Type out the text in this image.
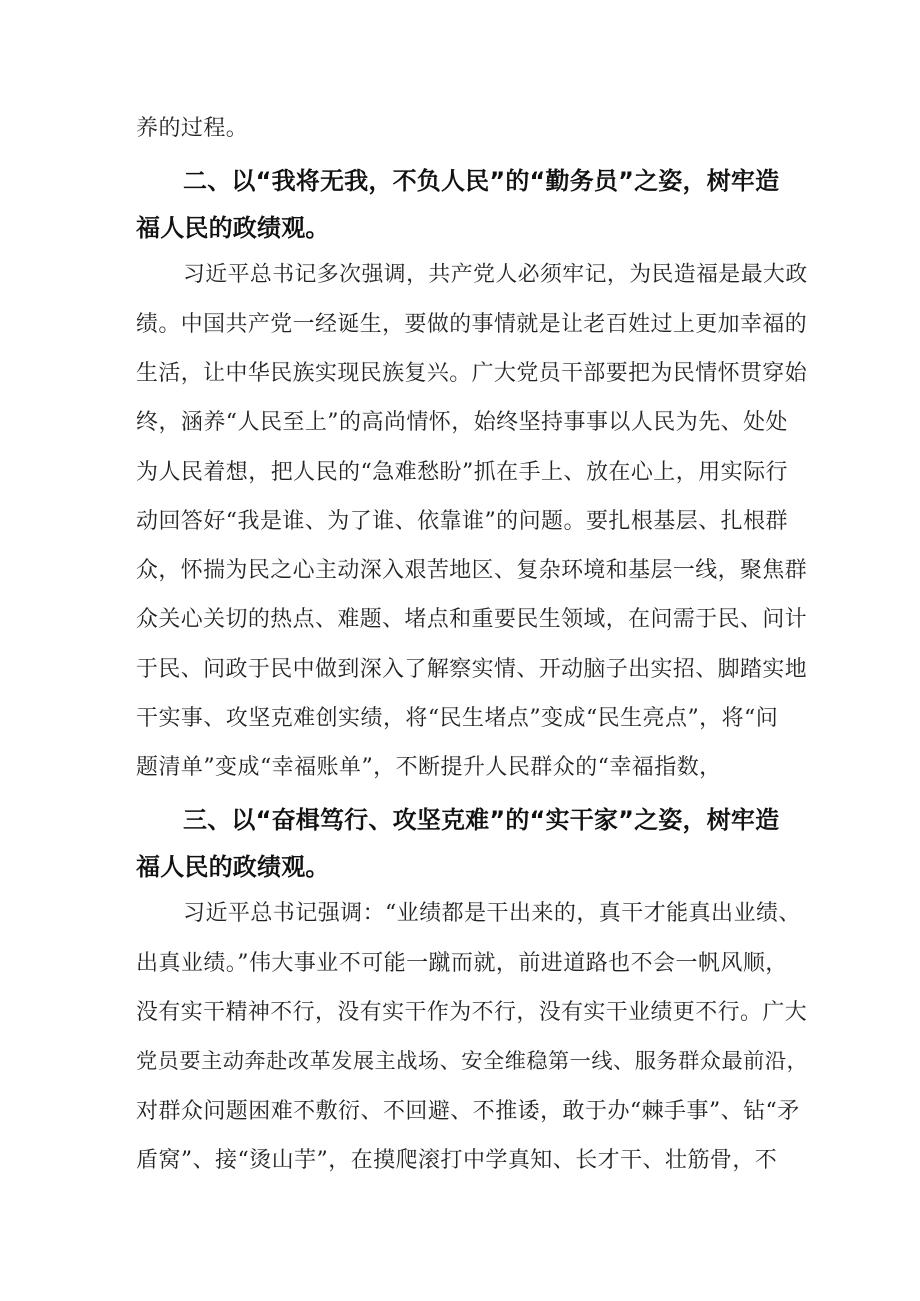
养的过程。
二、以“我将无我，不负人民”的“勤务员”之姿，树牢造
福人民的政绩观。
习近平总书记多次强调，共产党人必须牢记，为民造福是最大政
绩。中国共产党一经诞生，要做的事情就是让老百姓过上更加幸福的
生活，让中华民族实现民族复兴。广大党员干部要把为民情怀贯穿始
终，涵养“人民至上”的高尚情怀，始终坚持事事以人民为先、处处
为人民着想，把人民的“急难愁盼”抓在手上、放在心上，用实际行
动回答好“我是谁、为了谁、依靠谁”的问题。要扎根基层、扎根群
众，怀揣为民之心主动深入艰苦地区、复杂环境和基层一线，聚焦群
众关心关切的热点、难题、堵点和重要民生领域，在问需于民、问计
于民、问政于民中做到深入了解察实情、开动脑子出实招、脚踏实地
干实事、攻坚克难创实绩，将“民生堵点”变成“民生亮点”，将“问
题清单”变成“幸福账单”，不断提升人民群众的“幸福指数，
三、以“奋楫笃行、攻坚克难”的“实干家”之姿，树牢造
福人民的政绩观。
习近平总书记强调：“业绩都是干出来的，真干才能真出业绩、
出真业绩。”伟大事业不可能一蹴而就，前进道路也不会一帆风顺，
没有实干精神不行，没有实干作为不行，没有实干业绩更不行。广大
党员要主动奔赴改革发展主战场、安全维稳第一线、服务群众最前沿，
对群众问题困难不敷衍、不回避、不推诿，敢于办“棘手事”、钻“矛
盾窝”、接“烫山芋”，在摸爬滚打中学真知、长才干、壮筋骨，不
